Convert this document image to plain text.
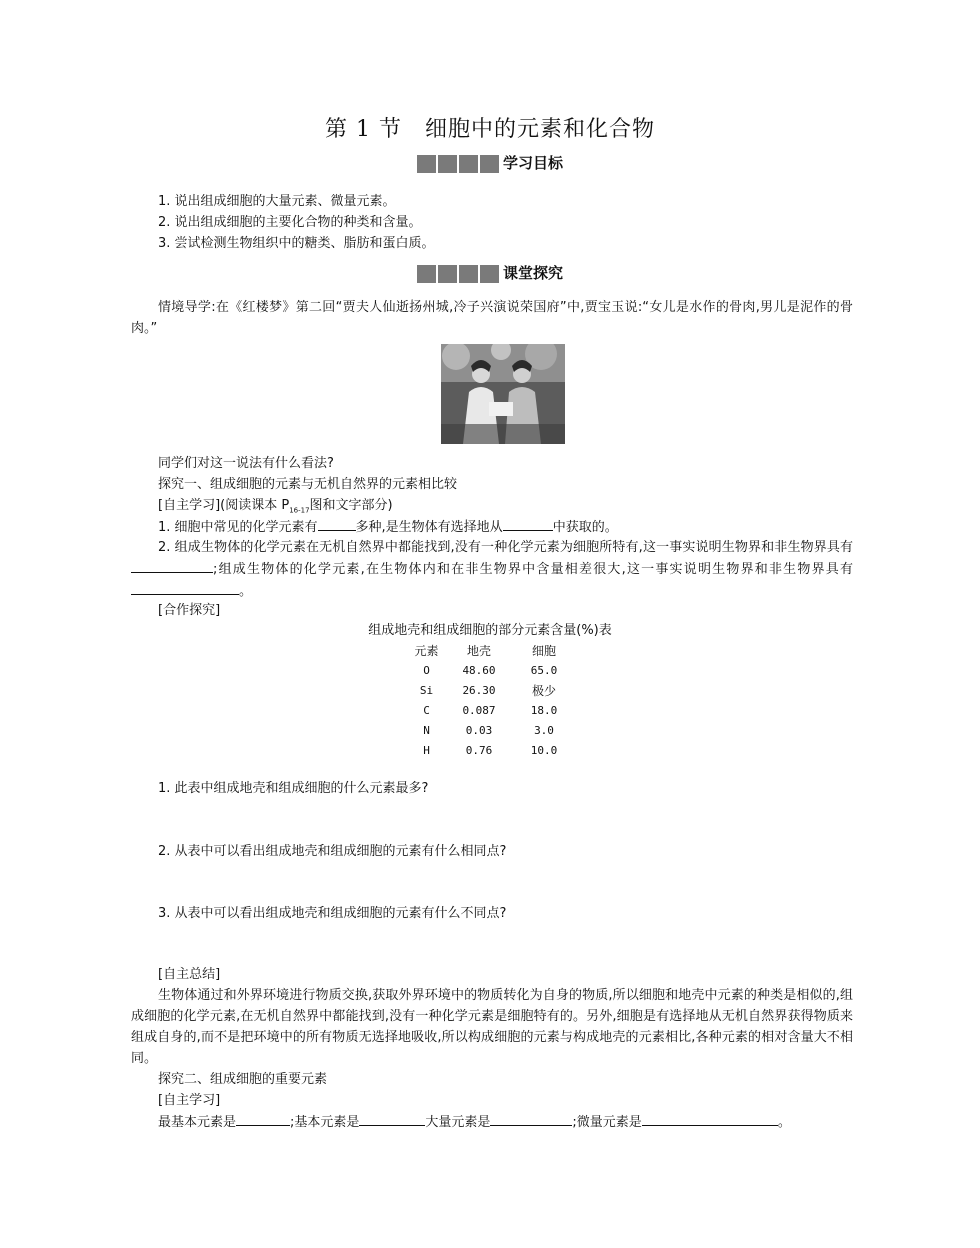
第 1 节　细胞中的元素和化合物
学习目标
1. 说出组成细胞的大量元素、微量元素。
2. 说出组成细胞的主要化合物的种类和含量。
3. 尝试检测生物组织中的糖类、脂肪和蛋白质。
课堂探究
情境导学:在《红楼梦》第二回“贾夫人仙逝扬州城,冷子兴演说荣国府”中,贾宝玉说:“女儿是水作的骨肉,男儿是泥作的骨肉。”
同学们对这一说法有什么看法?
探究一、组成细胞的元素与无机自然界的元素相比较
[自主学习](阅读课本 $P_{16-17}$图和文字部分)
1. 细胞中常见的化学元素有	多种,是生物体有选择地从	中获取的。
2. 组成生物体的化学元素在无机自然界中都能找到,没有一种化学元素为细胞所特有,这一事实说明生物界和非生物界具有;组成生物体的化学元素,在生物体内和在非生物界中含量相差很大,这一事实说明生物界和非生物界具有。
[合作探究]
组成地壳和组成细胞的部分元素含量(%)表
元素	地壳	细胞
O	48.60	65.0
Si	26.30	极少
C	0.087	18.0
N	0.03	3.0
H	0.76	10.0
1. 此表中组成地壳和组成细胞的什么元素最多?
2. 从表中可以看出组成地壳和组成细胞的元素有什么相同点?
3. 从表中可以看出组成地壳和组成细胞的元素有什么不同点?
[自主总结]
生物体通过和外界环境进行物质交换,获取外界环境中的物质转化为自身的物质,所以细胞和地壳中元素的种类是相似的,组成细胞的化学元素,在无机自然界中都能找到,没有一种化学元素是细胞特有的。另外,细胞是有选择地从无机自然界获得物质来组成自身的,而不是把环境中的所有物质无选择地吸收,所以构成细胞的元素与构成地壳的元素相比,各种元素的相对含量大不相同。
探究二、组成细胞的重要元素
[自主学习]
最基本元素是	;基本元素是	大量元素是	;微量元素是	。
